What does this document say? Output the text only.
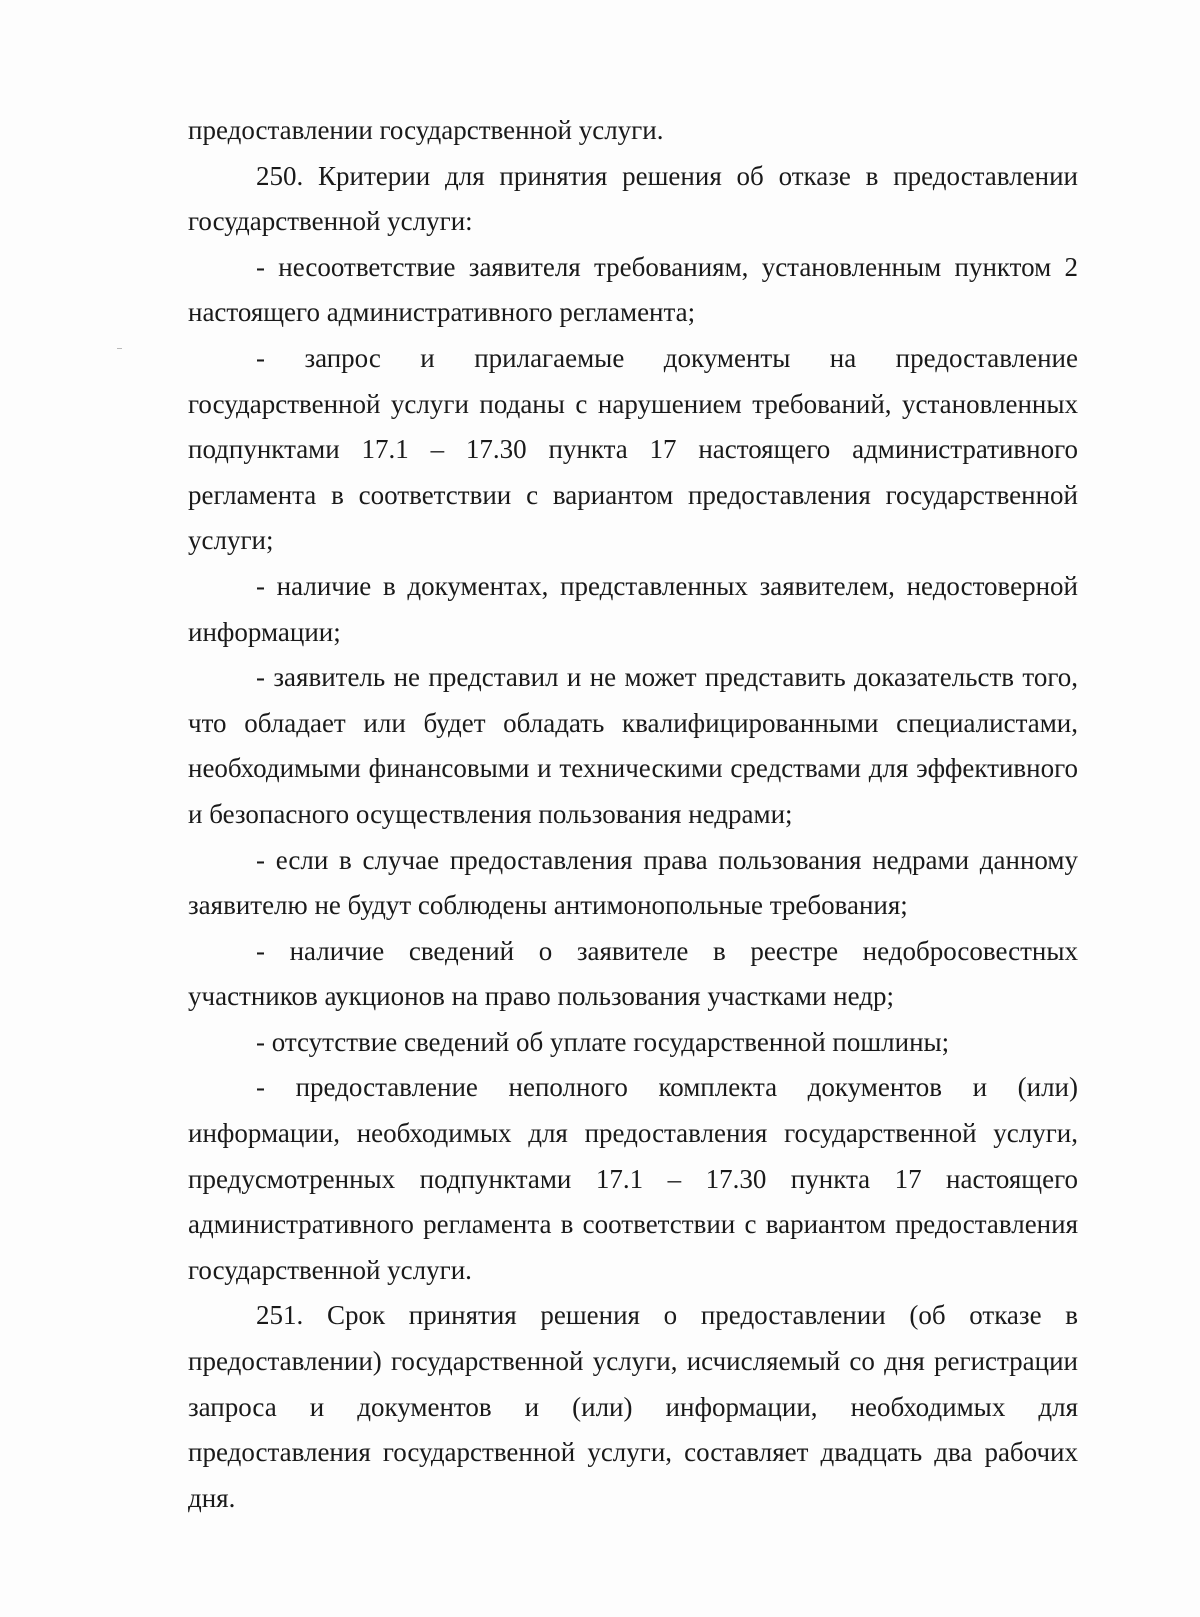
предоставлении государственной услуги.

250. Критерии для принятия решения об отказе в предоставлении государственной услуги:

- несоответствие заявителя требованиям, установленным пунктом 2 настоящего административного регламента;

- запрос и прилагаемые документы на предоставление государственной услуги поданы с нарушением требований, установленных подпунктами 17.1 – 17.30 пункта 17 настоящего административного регламента в соответствии с вариантом предоставления государственной услуги;

- наличие в документах, представленных заявителем, недостоверной информации;

- заявитель не представил и не может представить доказательств того, что обладает или будет обладать квалифицированными специалистами, необходимыми финансовыми и техническими средствами для эффективного и безопасного осуществления пользования недрами;

- если в случае предоставления права пользования недрами данному заявителю не будут соблюдены антимонопольные требования;

- наличие сведений о заявителе в реестре недобросовестных участников аукционов на право пользования участками недр;

- отсутствие сведений об уплате государственной пошлины;

- предоставление неполного комплекта документов и (или) информации, необходимых для предоставления государственной услуги, предусмотренных подпунктами 17.1 – 17.30 пункта 17 настоящего административного регламента в соответствии с вариантом предоставления государственной услуги.

251. Срок принятия решения о предоставлении (об отказе в предоставлении) государственной услуги, исчисляемый со дня регистрации запроса и документов и (или) информации, необходимых для предоставления государственной услуги, составляет двадцать два рабочих дня.
